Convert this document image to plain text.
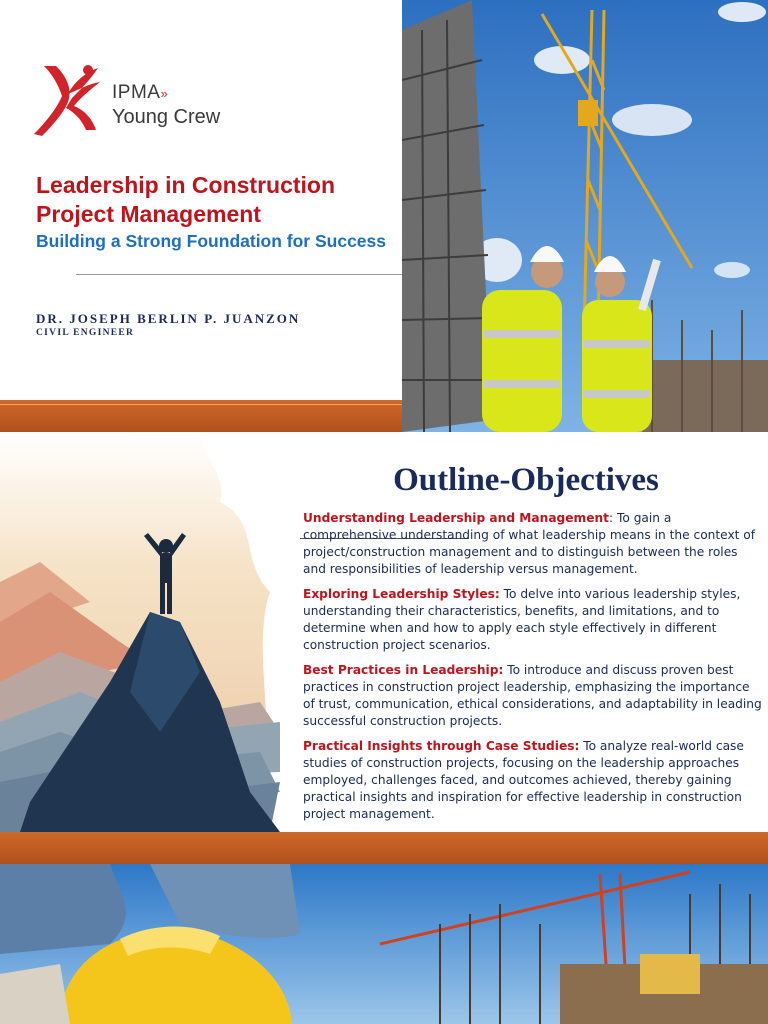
IPMA»
Young Crew
Leadership in Construction Project Management
Building a Strong Foundation for Success
DR. JOSEPH BERLIN P. JUANZON
CIVIL ENGINEER
Outline-Objectives

Understanding Leadership and Management: To gain a comprehensive understanding of what leadership means in the context of project/construction management and to distinguish between the roles and responsibilities of leadership versus management.

Exploring Leadership Styles: To delve into various leadership styles, understanding their characteristics, benefits, and limitations, and to determine when and how to apply each style effectively in different construction project scenarios.

Best Practices in Leadership: To introduce and discuss proven best practices in construction project leadership, emphasizing the importance of trust, communication, ethical considerations, and adaptability in leading successful construction projects.

Practical Insights through Case Studies: To analyze real-world case studies of construction projects, focusing on the leadership approaches employed, challenges faced, and outcomes achieved, thereby gaining practical insights and inspiration for effective leadership in construction project management.
